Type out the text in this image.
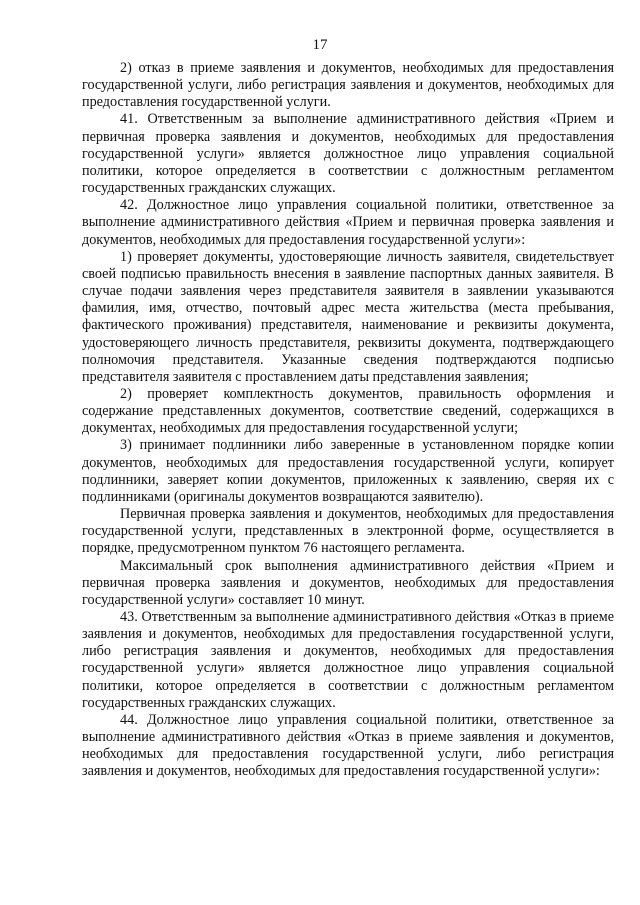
17

2) отказ в приеме заявления и документов, необходимых для предоставления государственной услуги, либо регистрация заявления и документов, необходимых для предоставления государственной услуги.

41. Ответственным за выполнение административного действия «Прием и первичная проверка заявления и документов, необходимых для предоставления государственной услуги» является должностное лицо управления социальной политики, которое определяется в соответствии с должностным регламентом государственных гражданских служащих.

42. Должностное лицо управления социальной политики, ответственное за выполнение административного действия «Прием и первичная проверка заявления и документов, необходимых для предоставления государственной услуги»:

1) проверяет документы, удостоверяющие личность заявителя, свидетельствует своей подписью правильность внесения в заявление паспортных данных заявителя. В случае подачи заявления через представителя заявителя в заявлении указываются фамилия, имя, отчество, почтовый адрес места жительства (места пребывания, фактического проживания) представителя, наименование и реквизиты документа, удостоверяющего личность представителя, реквизиты документа, подтверждающего полномочия представителя. Указанные сведения подтверждаются подписью представителя заявителя с проставлением даты представления заявления;

2) проверяет комплектность документов, правильность оформления и содержание представленных документов, соответствие сведений, содержащихся в документах, необходимых для предоставления государственной услуги;

3) принимает подлинники либо заверенные в установленном порядке копии документов, необходимых для предоставления государственной услуги, копирует подлинники, заверяет копии документов, приложенных к заявлению, сверяя их с подлинниками (оригиналы документов возвращаются заявителю).

Первичная проверка заявления и документов, необходимых для предоставления государственной услуги, представленных в электронной форме, осуществляется в порядке, предусмотренном пунктом 76 настоящего регламента.

Максимальный срок выполнения административного действия «Прием и первичная проверка заявления и документов, необходимых для предоставления государственной услуги» составляет 10 минут.

43. Ответственным за выполнение административного действия «Отказ в приеме заявления и документов, необходимых для предоставления государственной услуги, либо регистрация заявления и документов, необходимых для предоставления государственной услуги» является должностное лицо управления социальной политики, которое определяется в соответствии с должностным регламентом государственных гражданских служащих.

44. Должностное лицо управления социальной политики, ответственное за выполнение административного действия «Отказ в приеме заявления и документов, необходимых для предоставления государственной услуги, либо регистрация заявления и документов, необходимых для предоставления государственной услуги»:
